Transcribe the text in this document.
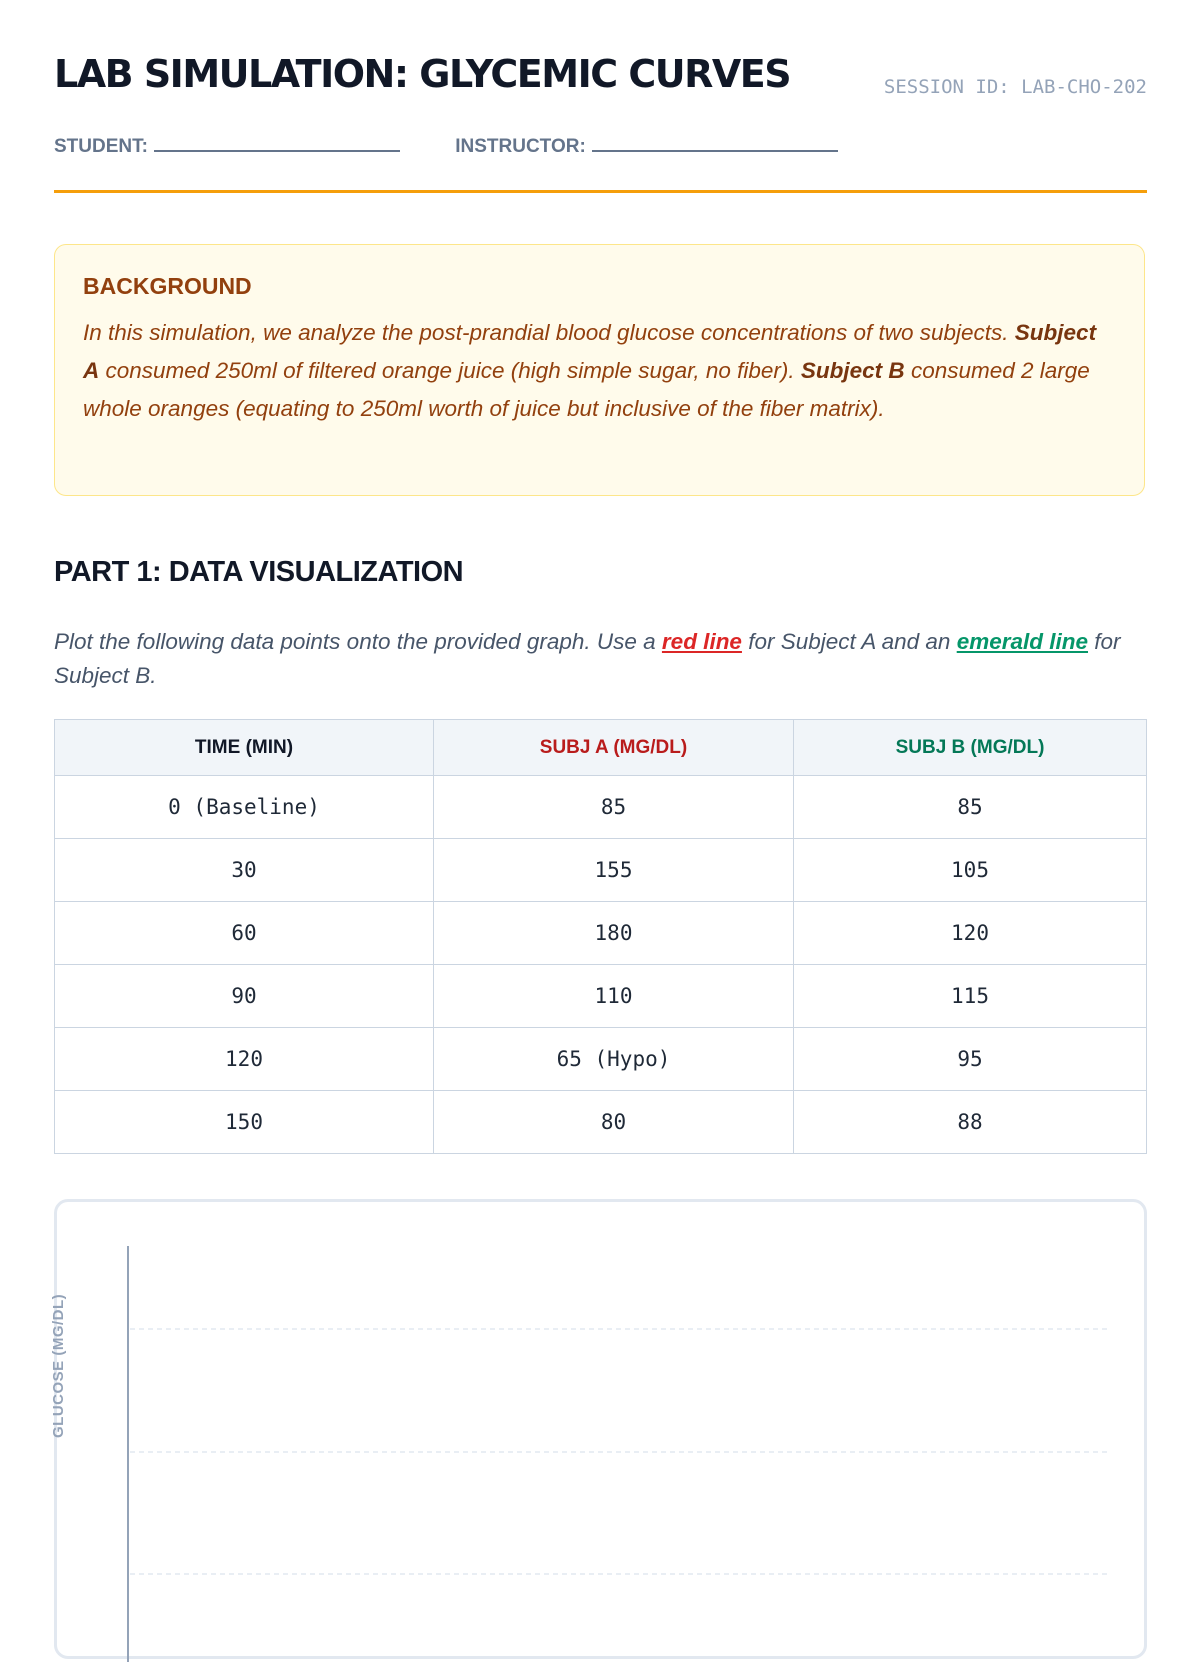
LAB SIMULATION: GLYCEMIC CURVES	SESSION ID: LAB-CHO-202
STUDENT:	INSTRUCTOR:
BACKGROUND

In this simulation, we analyze the post-prandial blood glucose concentrations of two subjects. Subject A consumed 250ml of filtered orange juice (high simple sugar, no fiber). Subject B consumed 2 large whole oranges (equating to 250ml worth of juice but inclusive of the fiber matrix).

PART 1: DATA VISUALIZATION

Plot the following data points onto the provided graph. Use a red line for Subject A and an emerald line for Subject B.

TIME (MIN)	SUBJ A (MG/DL)	SUBJ B (MG/DL)
0 (Baseline)	85	85
30	155	105
60	180	120
90	110	115
120	65 (Hypo)	95
150	80	88
GLUCOSE (MG/DL)
